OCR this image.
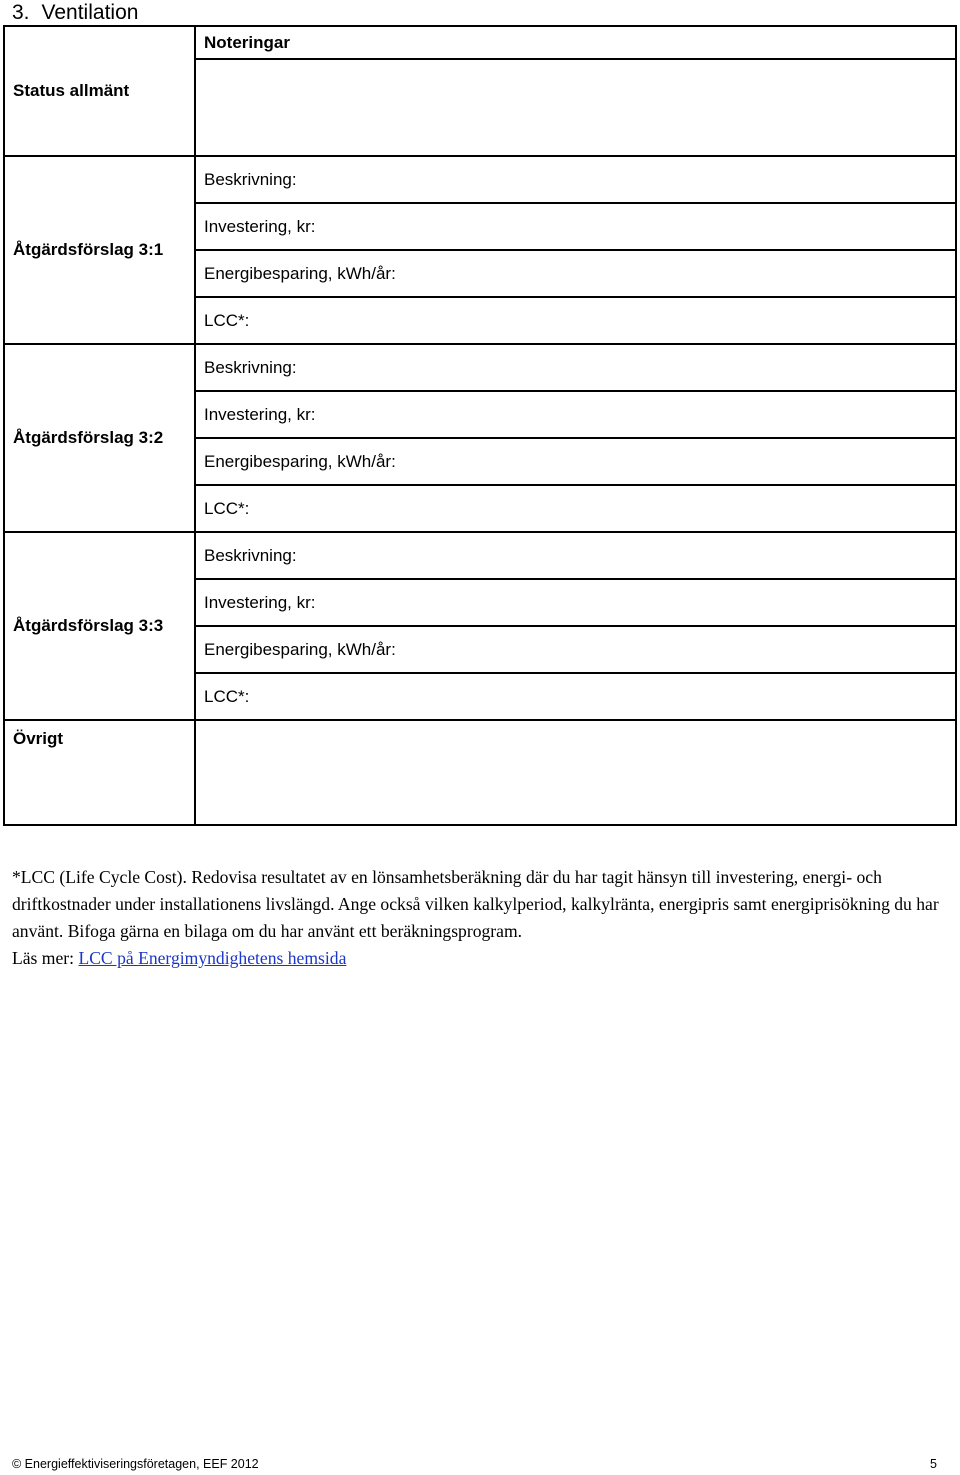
3. Ventilation
Status allmänt	Noteringar

Åtgärdsförslag 3:1	Beskrivning:
	Investering, kr:
	Energibesparing, kWh/år:
	LCC*:
Åtgärdsförslag 3:2	Beskrivning:
	Investering, kr:
	Energibesparing, kWh/år:
	LCC*:
Åtgärdsförslag 3:3	Beskrivning:
	Investering, kr:
	Energibesparing, kWh/år:
	LCC*:
Övrigt	
*LCC (Life Cycle Cost). Redovisa resultatet av en lönsamhetsberäkning där du har tagit hänsyn till investering, energi- och driftkostnader under installationens livslängd. Ange också vilken kalkylperiod, kalkylränta, energipris samt energiprisökning du har använt. Bifoga gärna en bilaga om du har använt ett beräkningsprogram.
Läs mer: LCC på Energimyndighetens hemsida
© Energieffektiviseringsföretagen, EEF 2012	5
